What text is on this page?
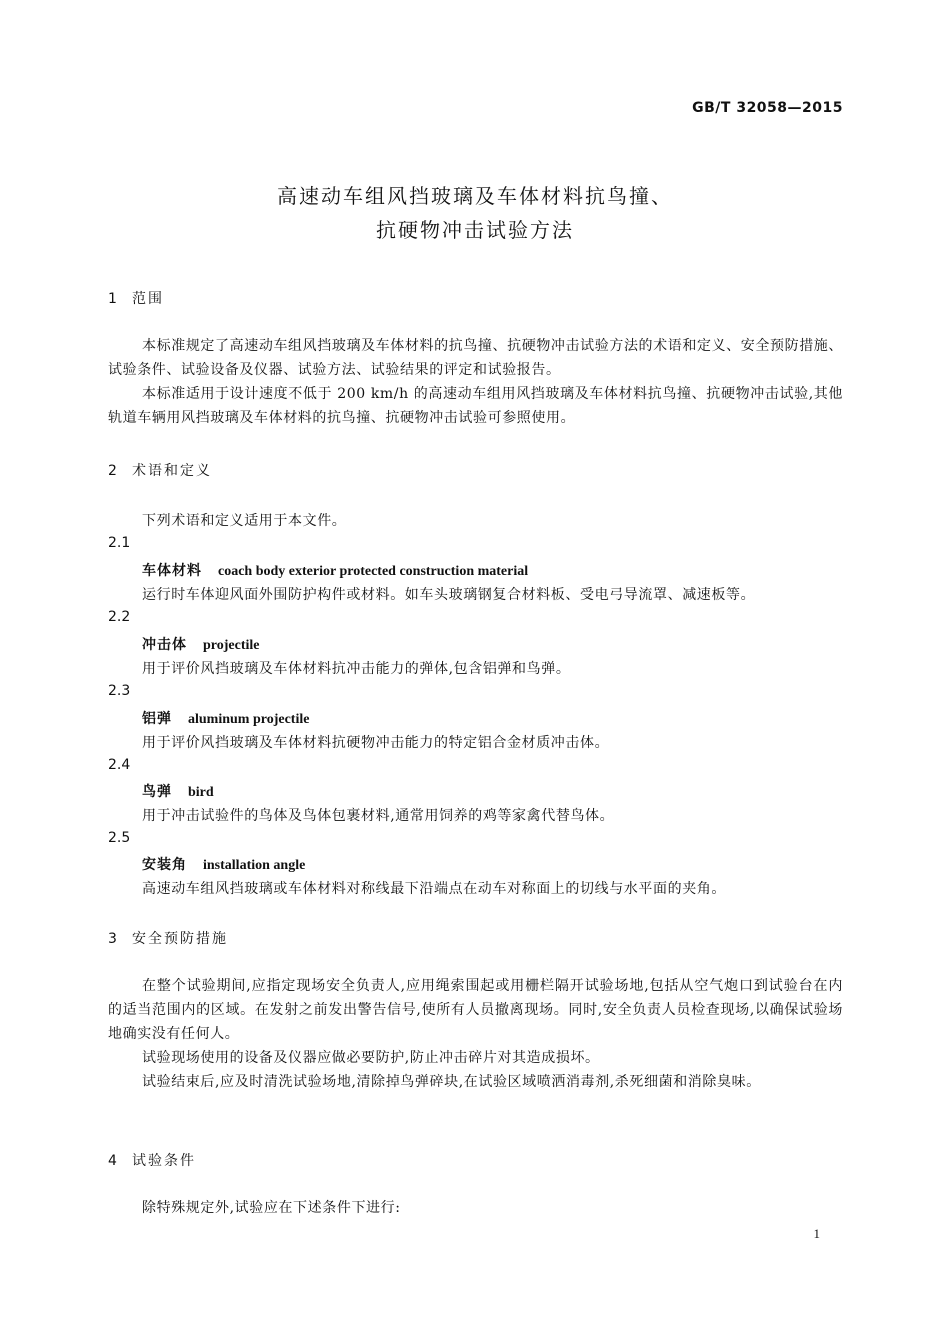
GB/T 32058—2015
高速动车组风挡玻璃及车体材料抗鸟撞、
抗硬物冲击试验方法
1 范围
本标准规定了高速动车组风挡玻璃及车体材料的抗鸟撞、抗硬物冲击试验方法的术语和定义、安全预防措施、试验条件、试验设备及仪器、试验方法、试验结果的评定和试验报告。
本标准适用于设计速度不低于 200 km/h 的高速动车组用风挡玻璃及车体材料抗鸟撞、抗硬物冲击试验,其他轨道车辆用风挡玻璃及车体材料的抗鸟撞、抗硬物冲击试验可参照使用。
2 术语和定义
下列术语和定义适用于本文件。
2.1
车体材料 coach body exterior protected construction material
运行时车体迎风面外围防护构件或材料。如车头玻璃钢复合材料板、受电弓导流罩、减速板等。
2.2
冲击体 projectile
用于评价风挡玻璃及车体材料抗冲击能力的弹体,包含铝弹和鸟弹。
2.3
铝弹 aluminum projectile
用于评价风挡玻璃及车体材料抗硬物冲击能力的特定铝合金材质冲击体。
2.4
鸟弹 bird
用于冲击试验件的鸟体及鸟体包裹材料,通常用饲养的鸡等家禽代替鸟体。
2.5
安装角 installation angle
高速动车组风挡玻璃或车体材料对称线最下沿端点在动车对称面上的切线与水平面的夹角。
3 安全预防措施
在整个试验期间,应指定现场安全负责人,应用绳索围起或用栅栏隔开试验场地,包括从空气炮口到试验台在内的适当范围内的区域。在发射之前发出警告信号,使所有人员撤离现场。同时,安全负责人员检查现场,以确保试验场地确实没有任何人。
试验现场使用的设备及仪器应做必要防护,防止冲击碎片对其造成损坏。
试验结束后,应及时清洗试验场地,清除掉鸟弹碎块,在试验区域喷洒消毒剂,杀死细菌和消除臭味。
4 试验条件
除特殊规定外,试验应在下述条件下进行:
1
